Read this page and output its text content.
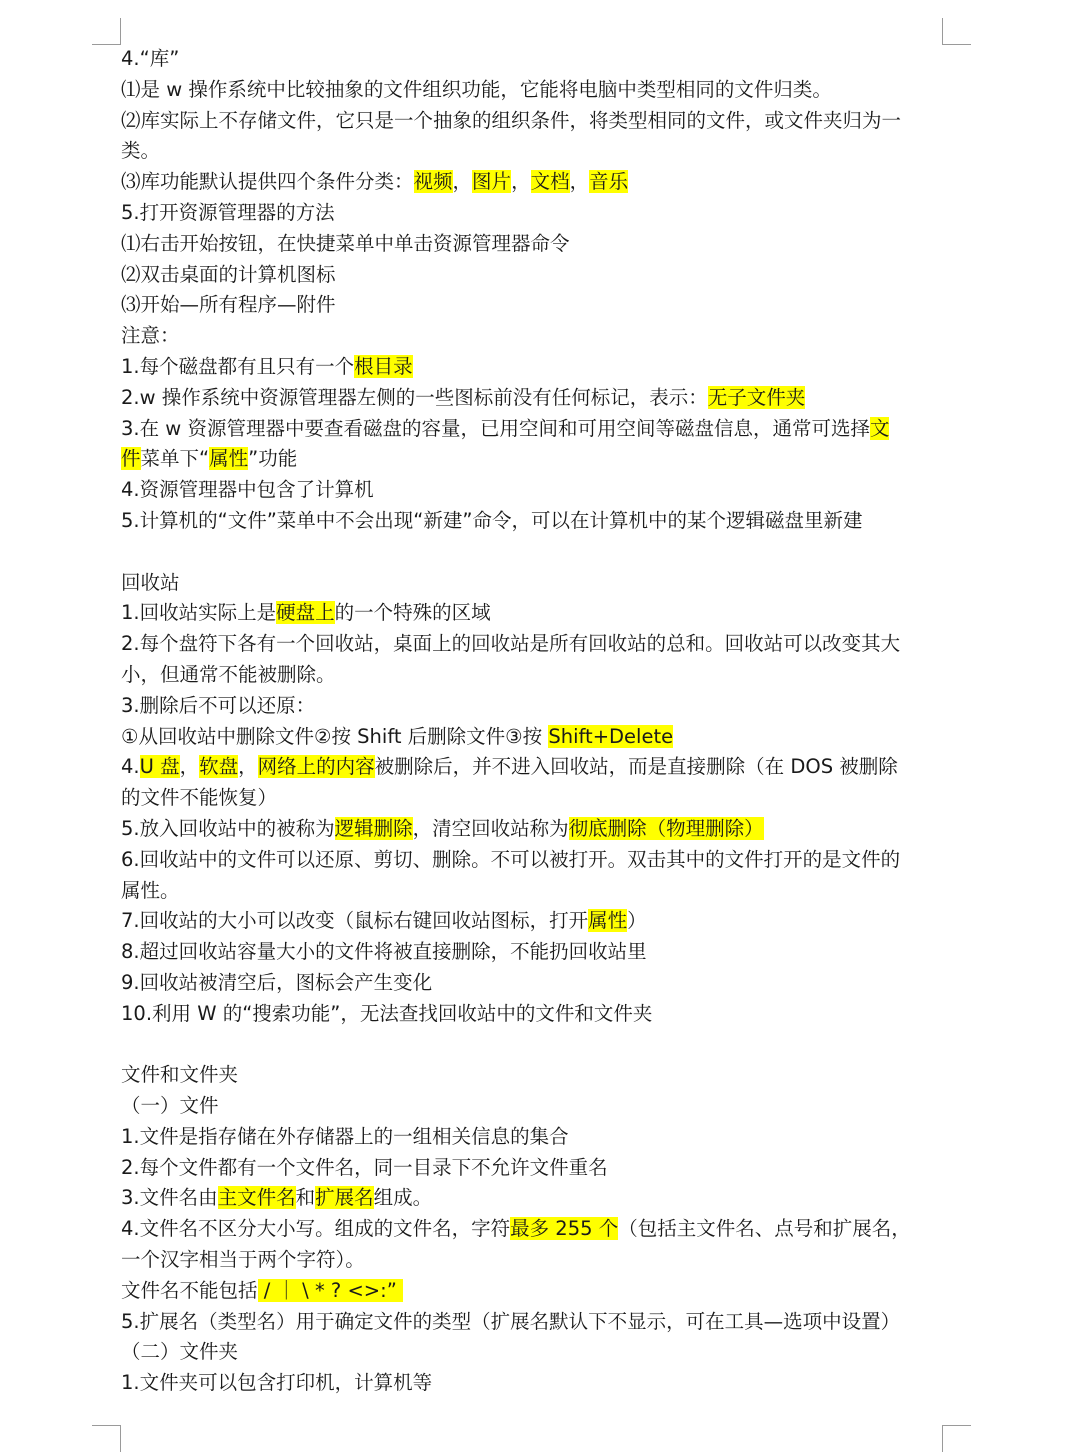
4.“库”
⑴是 w 操作系统中比较抽象的文件组织功能，它能将电脑中类型相同的文件归类。
⑵库实际上不存储文件，它只是一个抽象的组织条件，将类型相同的文件，或文件夹归为一
类。
⑶库功能默认提供四个条件分类：视频，图片，文档，音乐
5.打开资源管理器的方法
⑴右击开始按钮，在快捷菜单中单击资源管理器命令
⑵双击桌面的计算机图标
⑶开始—所有程序—附件
注意：
1.每个磁盘都有且只有一个根目录
2.w 操作系统中资源管理器左侧的一些图标前没有任何标记，表示：无子文件夹
3.在 w 资源管理器中要查看磁盘的容量，已用空间和可用空间等磁盘信息，通常可选择文
件菜单下“属性”功能
4.资源管理器中包含了计算机
5.计算机的“文件”菜单中不会出现“新建”命令，可以在计算机中的某个逻辑磁盘里新建
回收站
1.回收站实际上是硬盘上的一个特殊的区域
2.每个盘符下各有一个回收站，桌面上的回收站是所有回收站的总和。回收站可以改变其大
小，但通常不能被删除。
3.删除后不可以还原：
①从回收站中删除文件②按 Shift 后删除文件③按 Shift+Delete
4.U 盘，软盘，网络上的内容被删除后，并不进入回收站，而是直接删除（在 DOS 被删除
的文件不能恢复）
5.放入回收站中的被称为逻辑删除，清空回收站称为彻底删除（物理删除）
6.回收站中的文件可以还原、剪切、删除。不可以被打开。双击其中的文件打开的是文件的
属性。
7.回收站的大小可以改变（鼠标右键回收站图标，打开属性）
8.超过回收站容量大小的文件将被直接删除，不能扔回收站里
9.回收站被清空后，图标会产生变化
10.利用 W 的“搜索功能”，无法查找回收站中的文件和文件夹
文件和文件夹
（一）文件
1.文件是指存储在外存储器上的一组相关信息的集合
2.每个文件都有一个文件名，同一目录下不允许文件重名
3.文件名由主文件名和扩展名组成。
4.文件名不区分大小写。组成的文件名，字符最多 255 个（包括主文件名、点号和扩展名，
一个汉字相当于两个字符）。
文件名不能包括 / ｜ \ * ? <>:”
5.扩展名（类型名）用于确定文件的类型（扩展名默认下不显示，可在工具—选项中设置）
（二）文件夹
1.文件夹可以包含打印机，计算机等
